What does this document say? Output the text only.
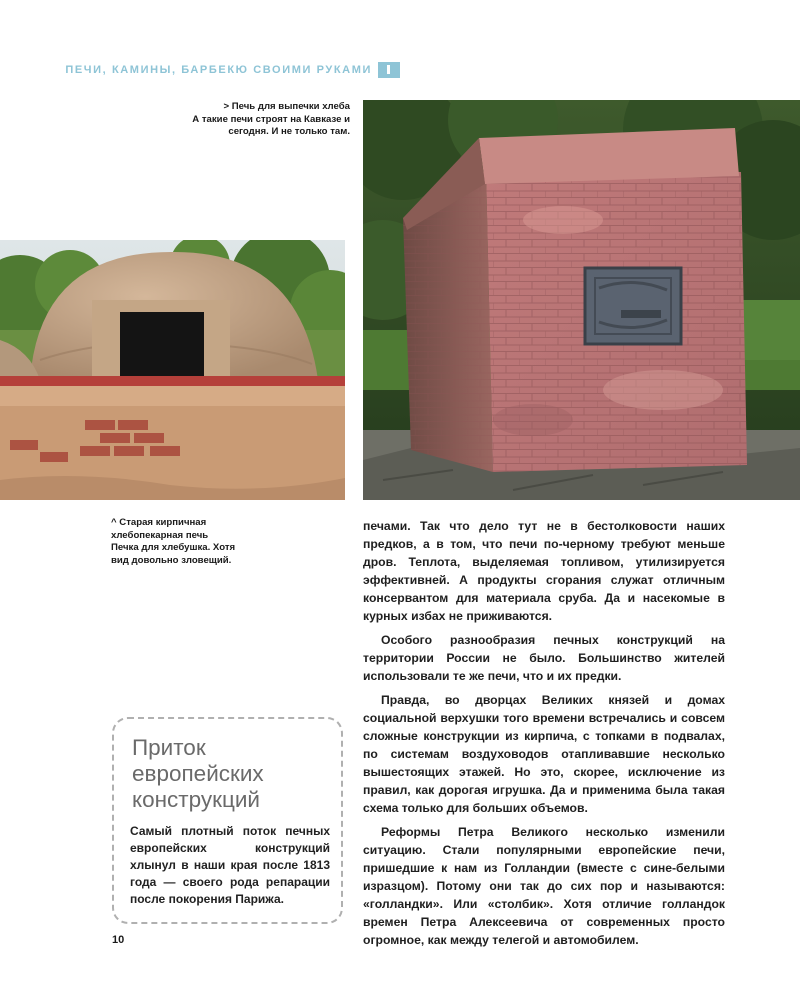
ПЕЧИ, КАМИНЫ, БАРБЕКЮ СВОИМИ РУКАМИ
> Печь для выпечки хлеба
А такие печи строят на Кавказе и сегодня. И не только там.
^ Старая кирпичная хлебопекарная печь
Печка для хлебушка. Хотя вид довольно зловещий.

печами. Так что дело тут не в бестолковости наших предков, а в том, что печи по-черному требуют меньше дров. Теплота, выделяемая топливом, утилизируется эффективней. А продукты сгорания служат отличным консервантом для материала сруба. Да и насекомые в курных избах не приживаются.

Особого разнообразия печных конструкций на территории России не было. Большинство жителей использовали те же печи, что и их предки.

Правда, во дворцах Великих князей и домах социальной верхушки того времени встречались и совсем сложные конструкции из кирпича, с топками в подвалах, по системам воздуховодов отапливавшие несколько вышестоящих этажей. Но это, скорее, исключение из правил, как дорогая игрушка. Да и применима была такая схема только для больших объемов.

Реформы Петра Великого несколько изменили ситуацию. Стали популярными европейские печи, пришедшие к нам из Голландии (вместе с сине-белыми изразцом). Потому они так до сих пор и называются: «голландки». Или «столбик». Хотя отличие голландок времен Петра Алексеевича от современных просто огромное, как между телегой и автомобилем.

Приток
европейских
конструкций
Самый плотный поток печных европейских конструкций хлынул в наши края после 1813 года — своего рода репарации после покорения Парижа.
10
